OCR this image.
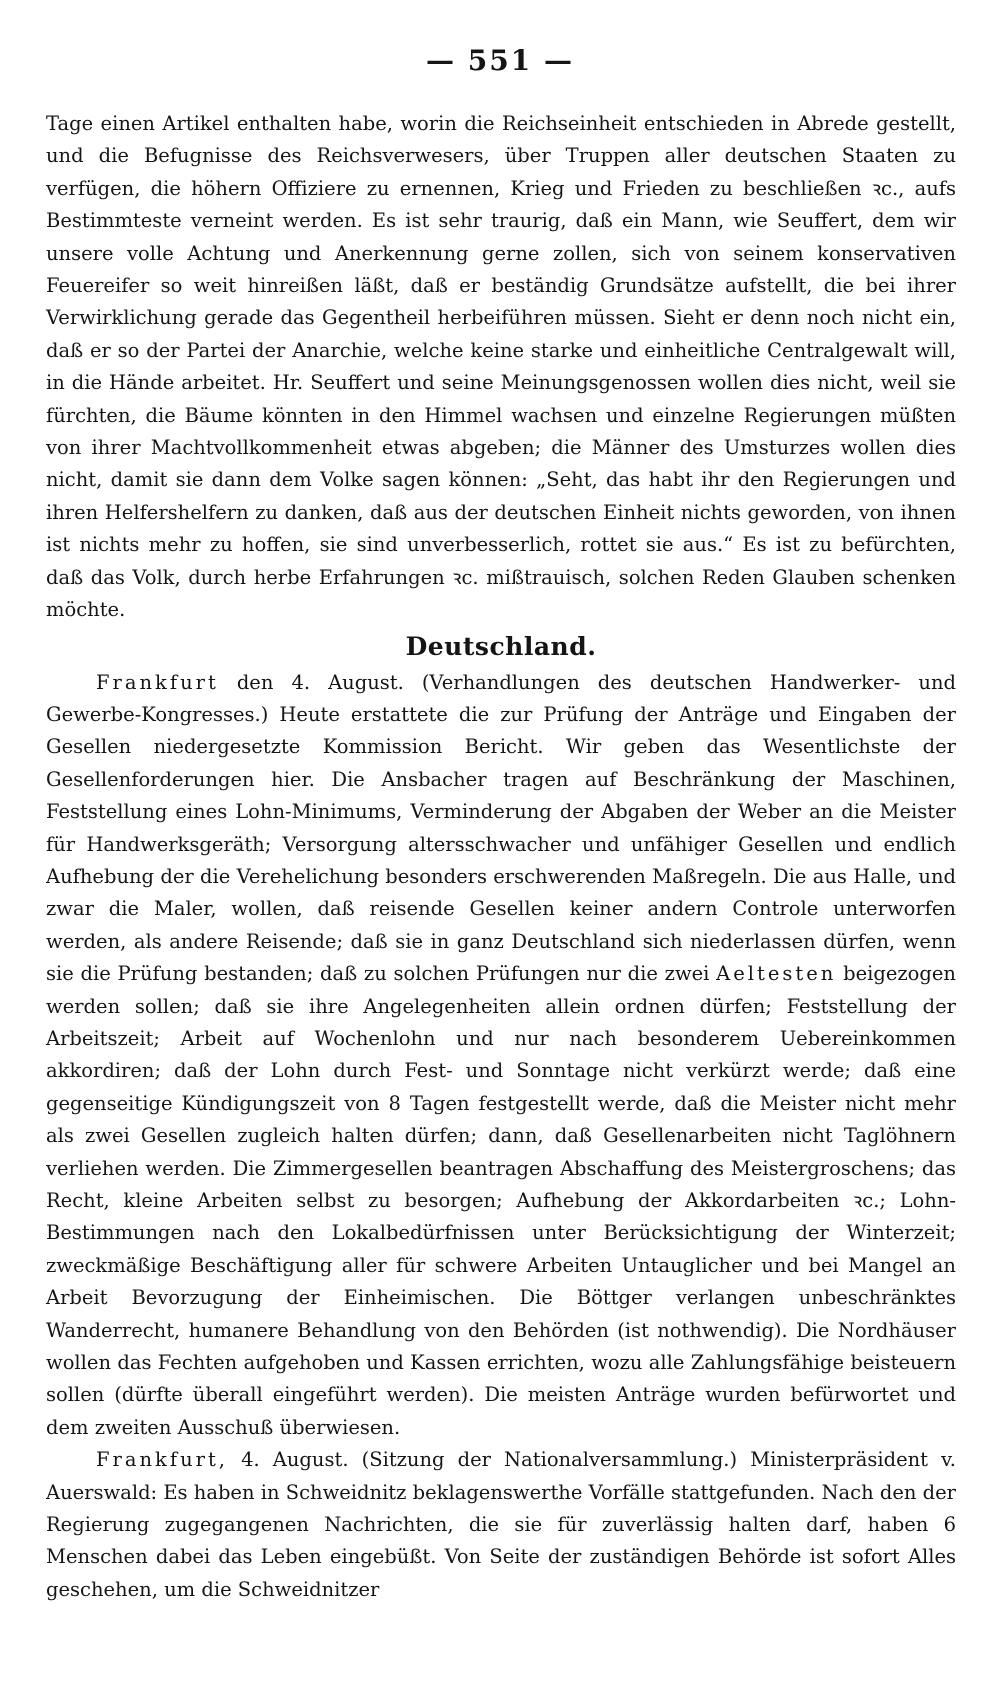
— 551 —

Tage einen Artikel enthalten habe, worin die Reichseinheit entschieden in Abrede gestellt, und die Befugnisse des Reichsverwesers, über Truppen aller deutschen Staaten zu verfügen, die höhern Offiziere zu ernennen, Krieg und Frieden zu beschließen ꝛc., aufs Bestimmteste verneint werden. Es ist sehr traurig, daß ein Mann, wie Seuffert, dem wir unsere volle Achtung und Anerkennung gerne zollen, sich von seinem konservativen Feuereifer so weit hinreißen läßt, daß er beständig Grundsätze aufstellt, die bei ihrer Verwirklichung gerade das Gegentheil herbeiführen müssen. Sieht er denn noch nicht ein, daß er so der Partei der Anarchie, welche keine starke und einheitliche Centralgewalt will, in die Hände arbeitet. Hr. Seuffert und seine Meinungsgenossen wollen dies nicht, weil sie fürchten, die Bäume könnten in den Himmel wachsen und einzelne Regierungen müßten von ihrer Machtvollkommenheit etwas abgeben; die Männer des Umsturzes wollen dies nicht, damit sie dann dem Volke sagen können: „Seht, das habt ihr den Regierungen und ihren Helfershelfern zu danken, daß aus der deutschen Einheit nichts geworden, von ihnen ist nichts mehr zu hoffen, sie sind unverbesserlich, rottet sie aus.“ Es ist zu befürchten, daß das Volk, durch herbe Erfahrungen ꝛc. mißtrauisch, solchen Reden Glauben schenken möchte.

Deutschland.

Frankfurt den 4. August. (Verhandlungen des deutschen Handwerker- und Gewerbe-Kongresses.) Heute erstattete die zur Prüfung der Anträge und Eingaben der Gesellen niedergesetzte Kommission Bericht. Wir geben das Wesentlichste der Gesellenforderungen hier. Die Ansbacher tragen auf Beschränkung der Maschinen, Feststellung eines Lohn-Minimums, Verminderung der Abgaben der Weber an die Meister für Handwerksgeräth; Versorgung altersschwacher und unfähiger Gesellen und endlich Aufhebung der die Verehelichung besonders erschwerenden Maßregeln. Die aus Halle, und zwar die Maler, wollen, daß reisende Gesellen keiner andern Controle unterworfen werden, als andere Reisende; daß sie in ganz Deutschland sich niederlassen dürfen, wenn sie die Prüfung bestanden; daß zu solchen Prüfungen nur die zwei Aeltesten beigezogen werden sollen; daß sie ihre Angelegenheiten allein ordnen dürfen; Feststellung der Arbeitszeit; Arbeit auf Wochenlohn und nur nach besonderem Uebereinkommen akkordiren; daß der Lohn durch Fest- und Sonntage nicht verkürzt werde; daß eine gegenseitige Kündigungszeit von 8 Tagen festgestellt werde, daß die Meister nicht mehr als zwei Gesellen zugleich halten dürfen; dann, daß Gesellenarbeiten nicht Taglöhnern verliehen werden. Die Zimmergesellen beantragen Abschaffung des Meistergroschens; das Recht, kleine Arbeiten selbst zu besorgen; Aufhebung der Akkordarbeiten ꝛc.; Lohn-Bestimmungen nach den Lokalbedürfnissen unter Berücksichtigung der Winterzeit; zweckmäßige Beschäftigung aller für schwere Arbeiten Untauglicher und bei Mangel an Arbeit Bevorzugung der Einheimischen. Die Böttger verlangen unbeschränktes Wanderrecht, humanere Behandlung von den Behörden (ist nothwendig). Die Nordhäuser wollen das Fechten aufgehoben und Kassen errichten, wozu alle Zahlungsfähige beisteuern sollen (dürfte überall eingeführt werden). Die meisten Anträge wurden befürwortet und dem zweiten Ausschuß überwiesen.

Frankfurt, 4. August. (Sitzung der Nationalversammlung.) Ministerpräsident v. Auerswald: Es haben in Schweidnitz beklagenswerthe Vorfälle stattgefunden. Nach den der Regierung zugegangenen Nachrichten, die sie für zuverlässig halten darf, haben 6 Menschen dabei das Leben eingebüßt. Von Seite der zuständigen Behörde ist sofort Alles geschehen, um die Schweidnitzer
